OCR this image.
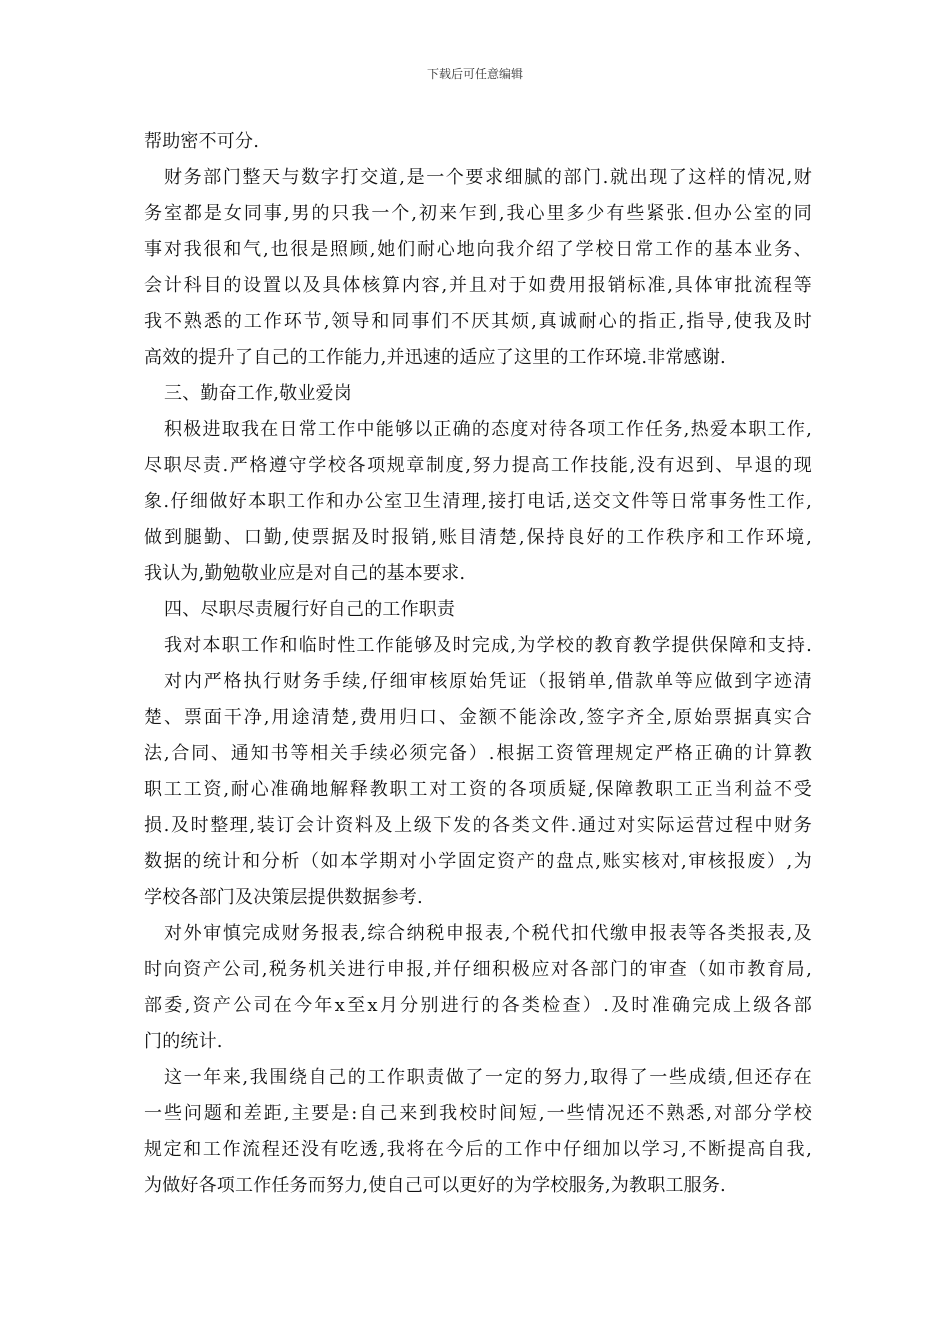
下载后可任意编辑
帮助密不可分.
财务部门整天与数字打交道,是一个要求细腻的部门.就出现了这样的情况,财
务室都是女同事,男的只我一个,初来乍到,我心里多少有些紧张.但办公室的同
事对我很和气,也很是照顾,她们耐心地向我介绍了学校日常工作的基本业务、
会计科目的设置以及具体核算内容,并且对于如费用报销标准,具体审批流程等
我不熟悉的工作环节,领导和同事们不厌其烦,真诚耐心的指正,指导,使我及时
高效的提升了自己的工作能力,并迅速的适应了这里的工作环境.非常感谢.
三、勤奋工作,敬业爱岗
积极进取我在日常工作中能够以正确的态度对待各项工作任务,热爱本职工作,
尽职尽责.严格遵守学校各项规章制度,努力提高工作技能,没有迟到、早退的现
象.仔细做好本职工作和办公室卫生清理,接打电话,送交文件等日常事务性工作,
做到腿勤、口勤,使票据及时报销,账目清楚,保持良好的工作秩序和工作环境,
我认为,勤勉敬业应是对自己的基本要求.
四、尽职尽责履行好自己的工作职责
我对本职工作和临时性工作能够及时完成,为学校的教育教学提供保障和支持.
对内严格执行财务手续,仔细审核原始凭证（报销单,借款单等应做到字迹清
楚、票面干净,用途清楚,费用归口、金额不能涂改,签字齐全,原始票据真实合
法,合同、通知书等相关手续必须完备）.根据工资管理规定严格正确的计算教
职工工资,耐心准确地解释教职工对工资的各项质疑,保障教职工正当利益不受
损.及时整理,装订会计资料及上级下发的各类文件.通过对实际运营过程中财务
数据的统计和分析（如本学期对小学固定资产的盘点,账实核对,审核报废）,为
学校各部门及决策层提供数据参考.
对外审慎完成财务报表,综合纳税申报表,个税代扣代缴申报表等各类报表,及
时向资产公司,税务机关进行申报,并仔细积极应对各部门的审查（如市教育局,
部委,资产公司在今年x至x月分别进行的各类检查）.及时准确完成上级各部
门的统计.
这一年来,我围绕自己的工作职责做了一定的努力,取得了一些成绩,但还存在
一些问题和差距,主要是:自己来到我校时间短,一些情况还不熟悉,对部分学校
规定和工作流程还没有吃透,我将在今后的工作中仔细加以学习,不断提高自我,
为做好各项工作任务而努力,使自己可以更好的为学校服务,为教职工服务.
